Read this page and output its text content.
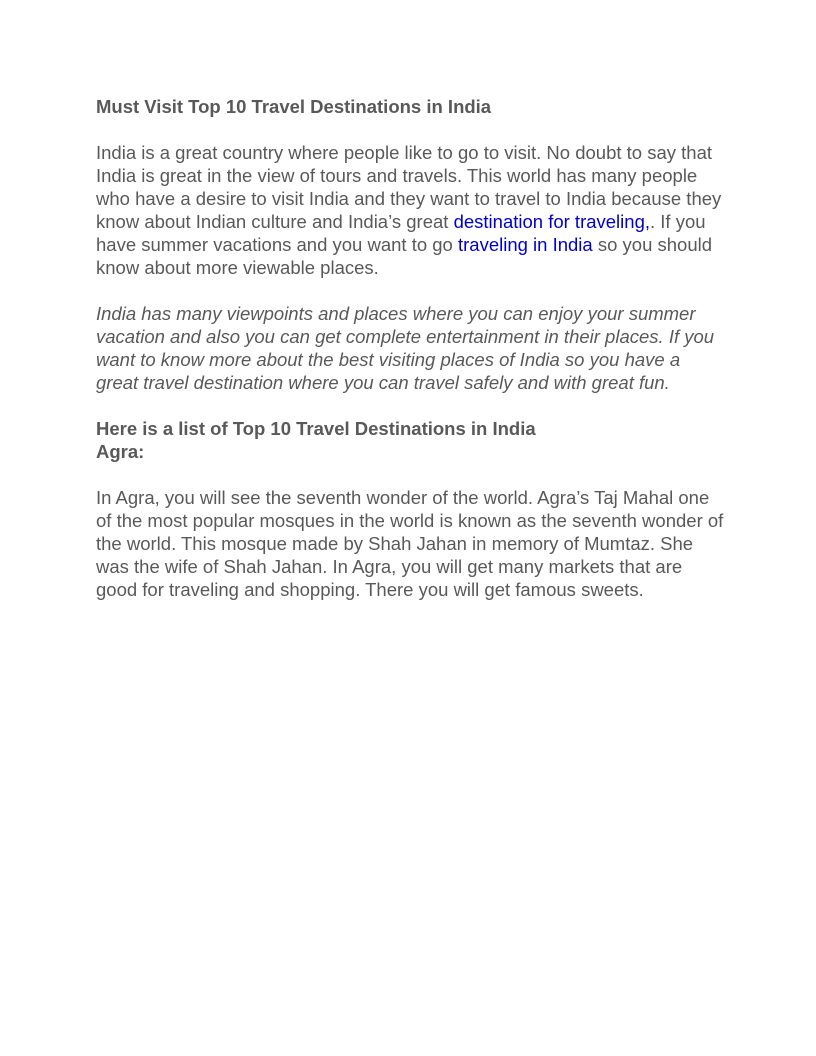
Must Visit Top 10 Travel Destinations in India

India is a great country where people like to go to visit. No doubt to say that India is great in the view of tours and travels. This world has many people who have a desire to visit India and they want to travel to India because they know about Indian culture and India’s great destination for traveling,. If you have summer vacations and you want to go traveling in India so you should know about more viewable places.

India has many viewpoints and places where you can enjoy your summer vacation and also you can get complete entertainment in their places. If you want to know more about the best visiting places of India so you have a great travel destination where you can travel safely and with great fun.

Here is a list of Top 10 Travel Destinations in India

Agra:

In Agra, you will see the seventh wonder of the world. Agra’s Taj Mahal one of the most popular mosques in the world is known as the seventh wonder of the world. This mosque made by Shah Jahan in memory of Mumtaz. She was the wife of Shah Jahan. In Agra, you will get many markets that are good for traveling and shopping. There you will get famous sweets.
